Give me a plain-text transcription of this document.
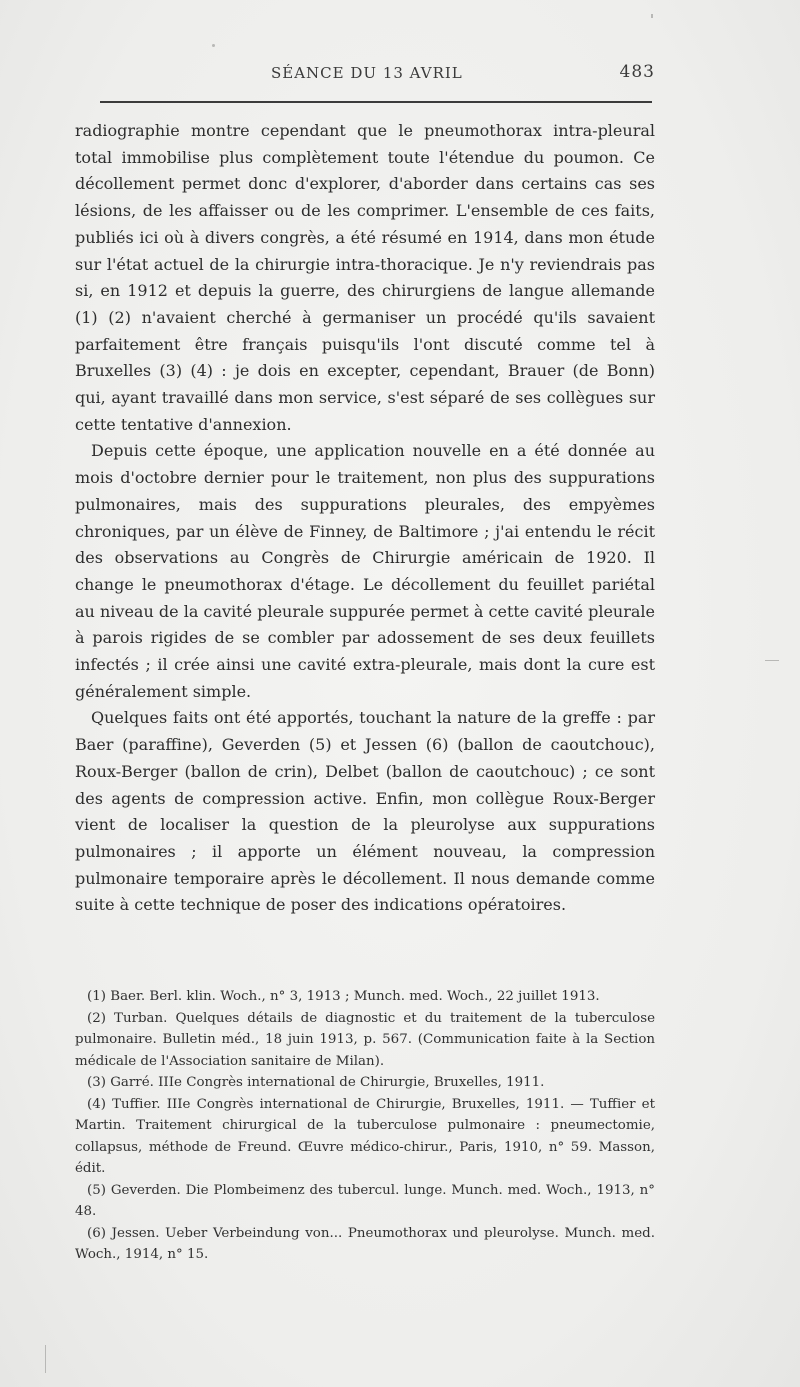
SÉANCE DU 13 AVRIL	483

radiographie montre cependant que le pneumothorax intra-pleural total immobilise plus complètement toute l'étendue du poumon. Ce décollement permet donc d'explorer, d'aborder dans certains cas ses lésions, de les affaisser ou de les comprimer. L'ensemble de ces faits, publiés ici où à divers congrès, a été résumé en 1914, dans mon étude sur l'état actuel de la chirurgie intra-thoracique. Je n'y reviendrais pas si, en 1912 et depuis la guerre, des chirurgiens de langue allemande (1) (2) n'avaient cherché à germaniser un procédé qu'ils savaient parfaitement être français puisqu'ils l'ont discuté comme tel à Bruxelles (3) (4) : je dois en excepter, cependant, Brauer (de Bonn) qui, ayant travaillé dans mon service, s'est séparé de ses collègues sur cette tentative d'annexion.

Depuis cette époque, une application nouvelle en a été donnée au mois d'octobre dernier pour le traitement, non plus des suppurations pulmonaires, mais des suppurations pleurales, des empyèmes chroniques, par un élève de Finney, de Baltimore ; j'ai entendu le récit des observations au Congrès de Chirurgie américain de 1920. Il change le pneumothorax d'étage. Le décollement du feuillet pariétal au niveau de la cavité pleurale suppurée permet à cette cavité pleurale à parois rigides de se combler par adossement de ses deux feuillets infectés ; il crée ainsi une cavité extra-pleurale, mais dont la cure est généralement simple.

Quelques faits ont été apportés, touchant la nature de la greffe : par Baer (paraffine), Geverden (5) et Jessen (6) (ballon de caoutchouc), Roux-Berger (ballon de crin), Delbet (ballon de caoutchouc) ; ce sont des agents de compression active. Enfin, mon collègue Roux-Berger vient de localiser la question de la pleurolyse aux suppurations pulmonaires ; il apporte un élément nouveau, la compression pulmonaire temporaire après le décollement. Il nous demande comme suite à cette technique de poser des indications opératoires.

(1) Baer. Berl. klin. Woch., n° 3, 1913 ; Munch. med. Woch., 22 juillet 1913.

(2) Turban. Quelques détails de diagnostic et du traitement de la tuberculose pulmonaire. Bulletin méd., 18 juin 1913, p. 567. (Communication faite à la Section médicale de l'Association sanitaire de Milan).

(3) Garré. IIIe Congrès international de Chirurgie, Bruxelles, 1911.

(4) Tuffier. IIIe Congrès international de Chirurgie, Bruxelles, 1911. — Tuffier et Martin. Traitement chirurgical de la tuberculose pulmonaire : pneumectomie, collapsus, méthode de Freund. Œuvre médico-chirur., Paris, 1910, n° 59. Masson, édit.

(5) Geverden. Die Plombeimenz des tubercul. lunge. Munch. med. Woch., 1913, n° 48.

(6) Jessen. Ueber Verbeindung von... Pneumothorax und pleurolyse. Munch. med. Woch., 1914, n° 15.
